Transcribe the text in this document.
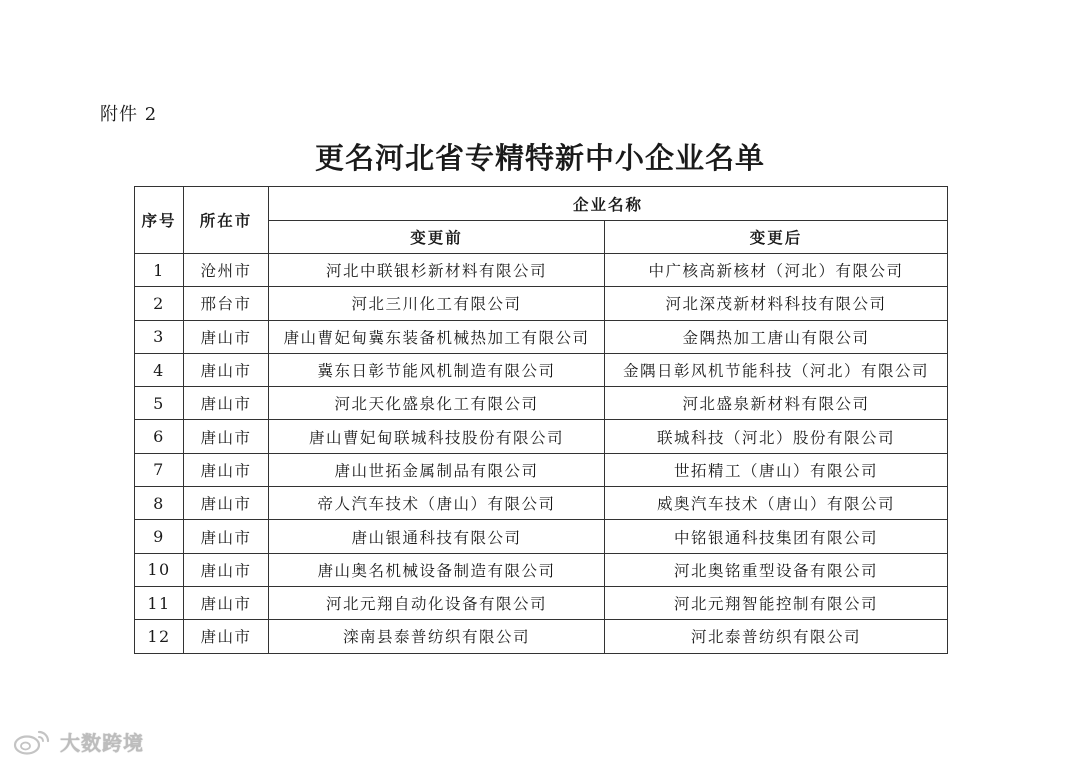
附件 2
更名河北省专精特新中小企业名单
序号	所在市	企业名称	
		变更前	变更后
1	沧州市	河北中联银杉新材料有限公司	中广核高新核材（河北）有限公司
2	邢台市	河北三川化工有限公司	河北深茂新材料科技有限公司
3	唐山市	唐山曹妃甸冀东装备机械热加工有限公司	金隅热加工唐山有限公司
4	唐山市	冀东日彰节能风机制造有限公司	金隅日彰风机节能科技（河北）有限公司
5	唐山市	河北天化盛泉化工有限公司	河北盛泉新材料有限公司
6	唐山市	唐山曹妃甸联城科技股份有限公司	联城科技（河北）股份有限公司
7	唐山市	唐山世拓金属制品有限公司	世拓精工（唐山）有限公司
8	唐山市	帝人汽车技术（唐山）有限公司	威奥汽车技术（唐山）有限公司
9	唐山市	唐山银通科技有限公司	中铭银通科技集团有限公司
10	唐山市	唐山奥名机械设备制造有限公司	河北奥铭重型设备有限公司
11	唐山市	河北元翔自动化设备有限公司	河北元翔智能控制有限公司
12	唐山市	滦南县泰普纺织有限公司	河北泰普纺织有限公司
大数跨境
